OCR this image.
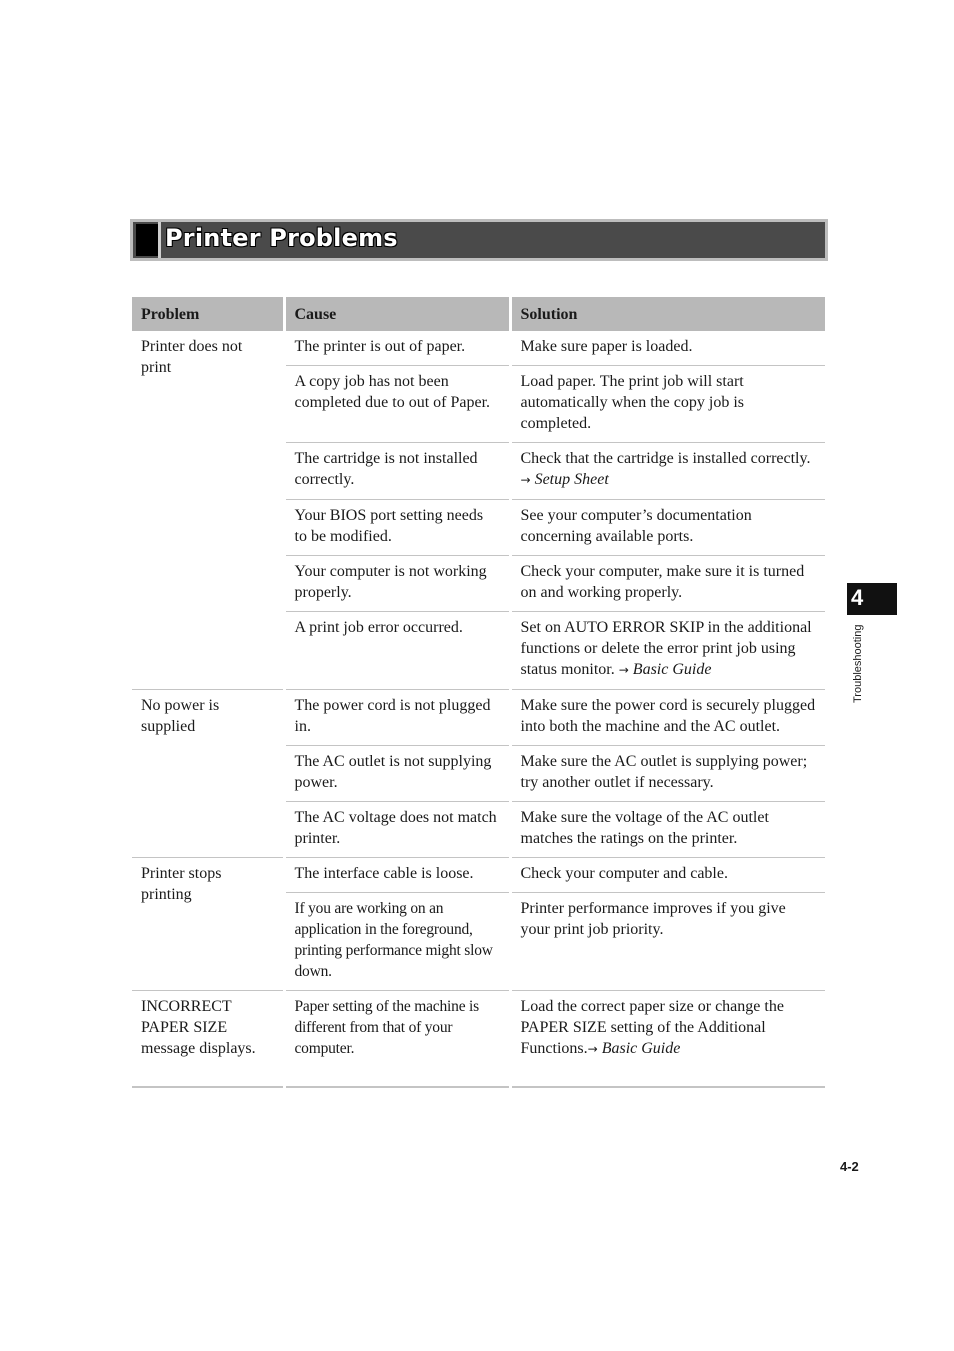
Printer Problems
Problem	Cause	Solution
Printer does not print	The printer is out of paper.	Make sure paper is loaded.
	A copy job has not been completed due to out of Paper.	Load paper. The print job will start automatically when the copy job is completed.
	The cartridge is not installed correctly.	Check that the cartridge is installed correctly. → Setup Sheet
	Your BIOS port setting needs to be modified.	See your computer’s documentation concerning available ports.
	Your computer is not working properly.	Check your computer, make sure it is turned on and working properly.
	A print job error occurred.	Set on AUTO ERROR SKIP in the additional functions or delete the error print job using status monitor. → Basic Guide
No power is supplied	The power cord is not plugged in.	Make sure the power cord is securely plugged into both the machine and the AC outlet.
	The AC outlet is not supplying power.	Make sure the AC outlet is supplying power; try another outlet if necessary.
	The AC voltage does not match printer.	Make sure the voltage of the AC outlet matches the ratings on the printer.
Printer stops printing	The interface cable is loose.	Check your computer and cable.
	If you are working on an application in the foreground, printing performance might slow down.	Printer performance improves if you give your print job priority.
INCORRECT PAPER SIZE message displays.	Paper setting of the machine is different from that of your computer.	Load the correct paper size or change the PAPER SIZE setting of the Additional Functions.→ Basic Guide
4
Troubleshooting
4-2
